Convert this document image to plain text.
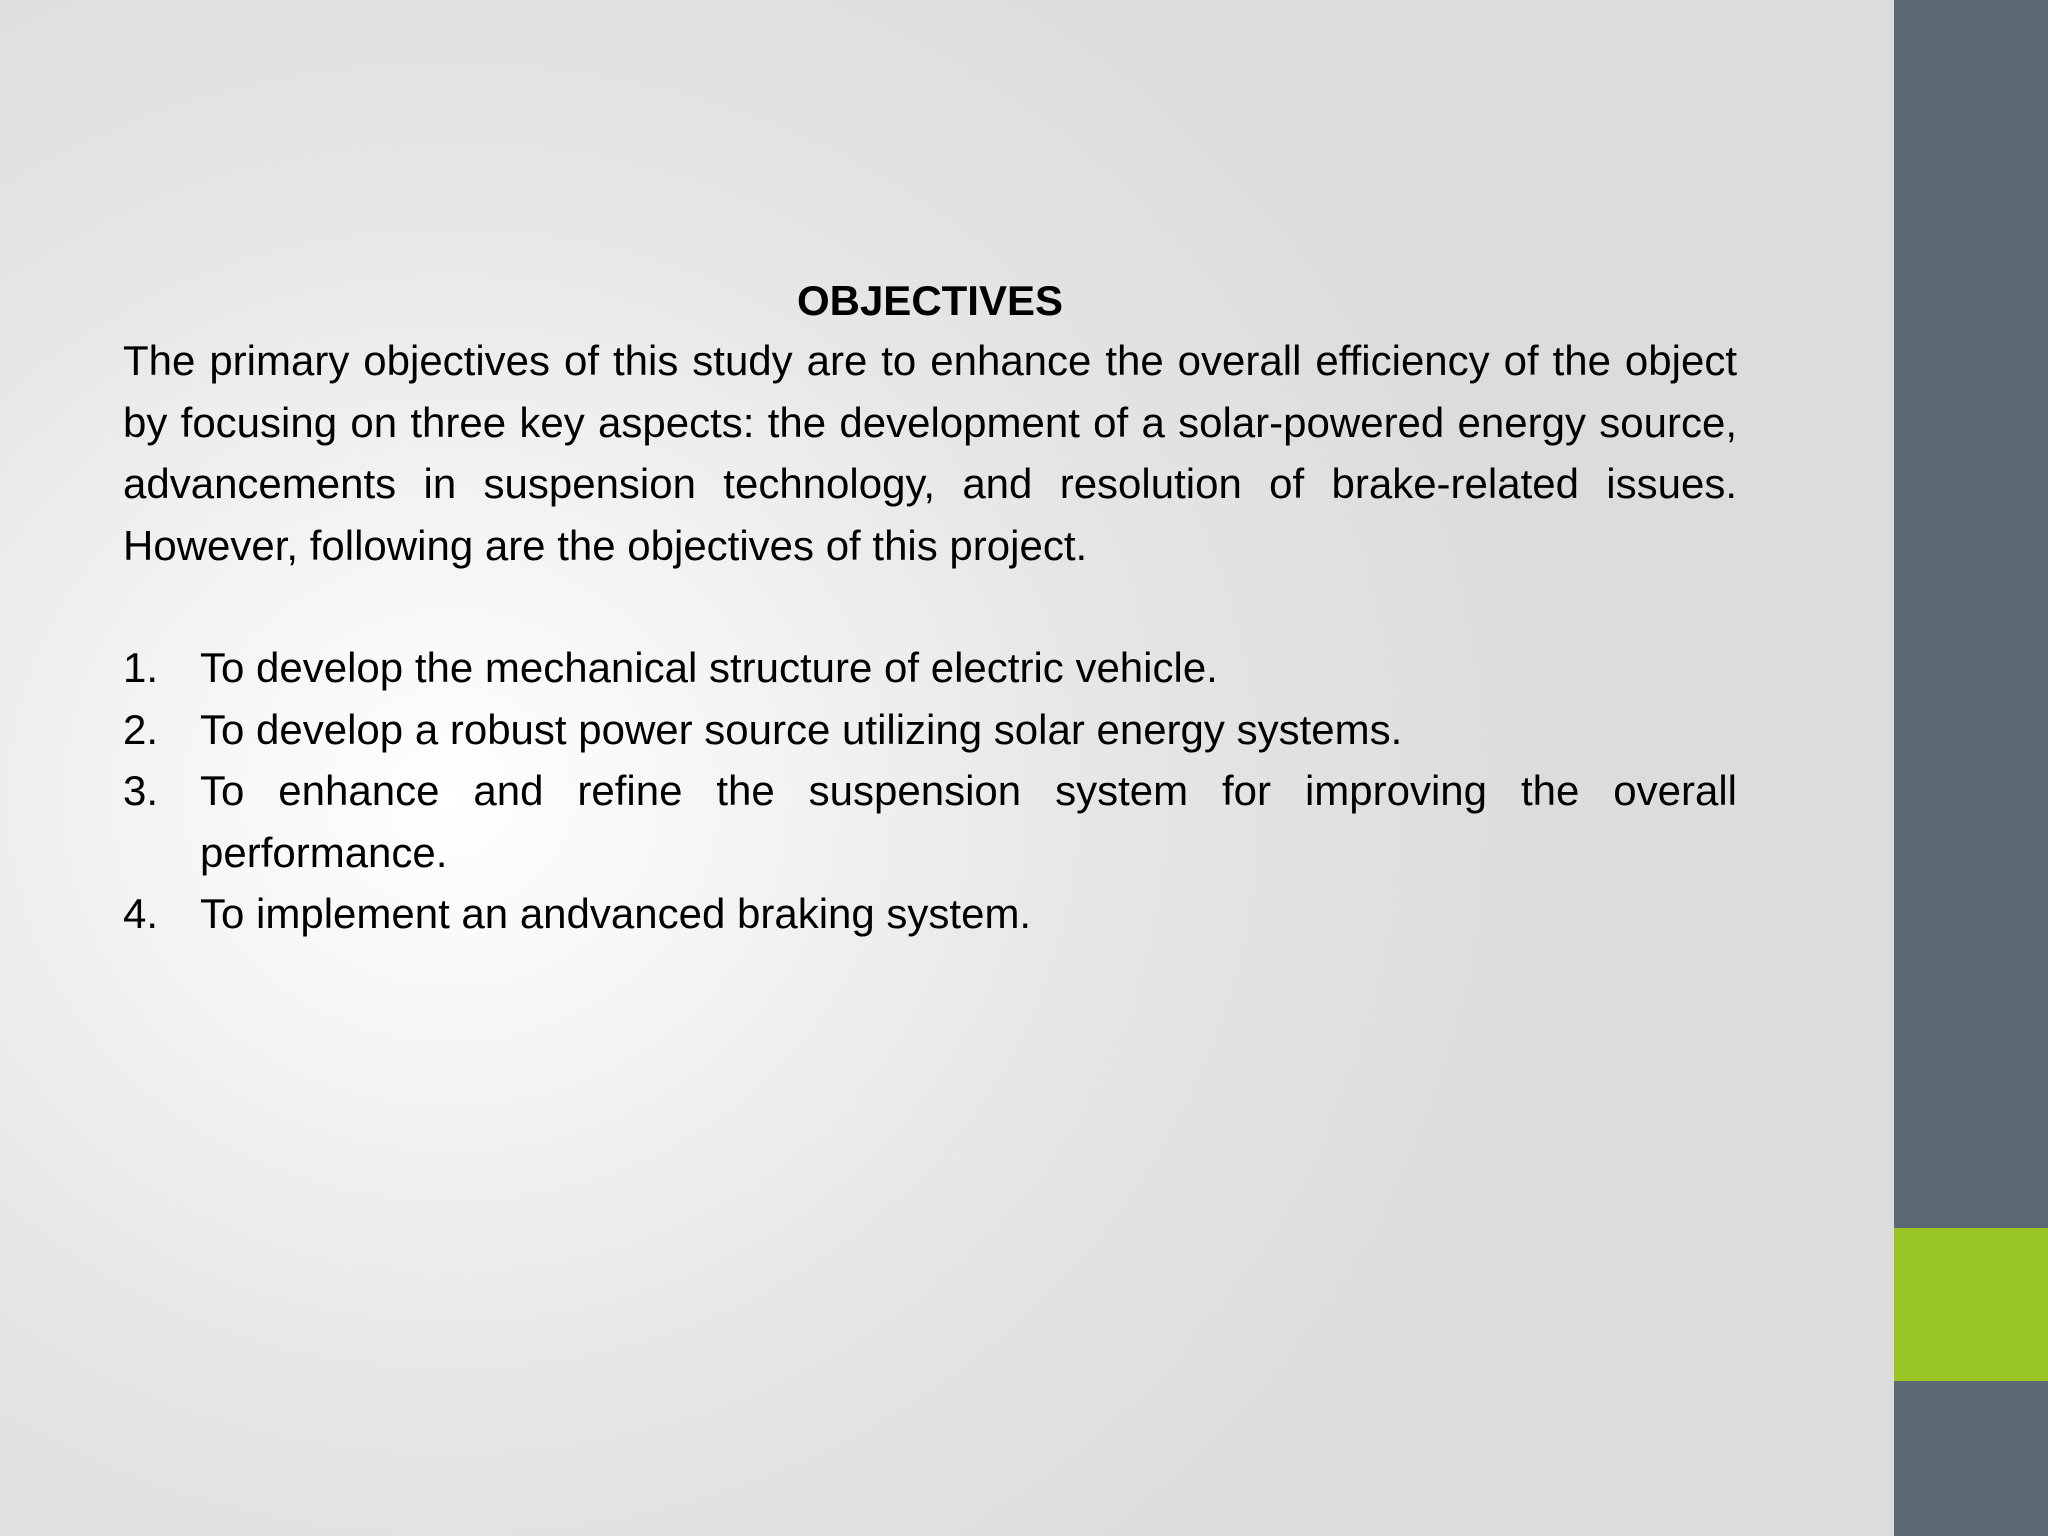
OBJECTIVES

The primary objectives of this study are to enhance the overall efficiency of the object by focusing on three key aspects: the development of a solar-powered energy source, advancements in suspension technology, and resolution of brake-related issues. However, following are the objectives of this project.

1. To develop the mechanical structure of electric vehicle.
2. To develop a robust power source utilizing solar energy systems.
3. To enhance and refine the suspension system for improving the overall performance.
4. To implement an andvanced braking system.
